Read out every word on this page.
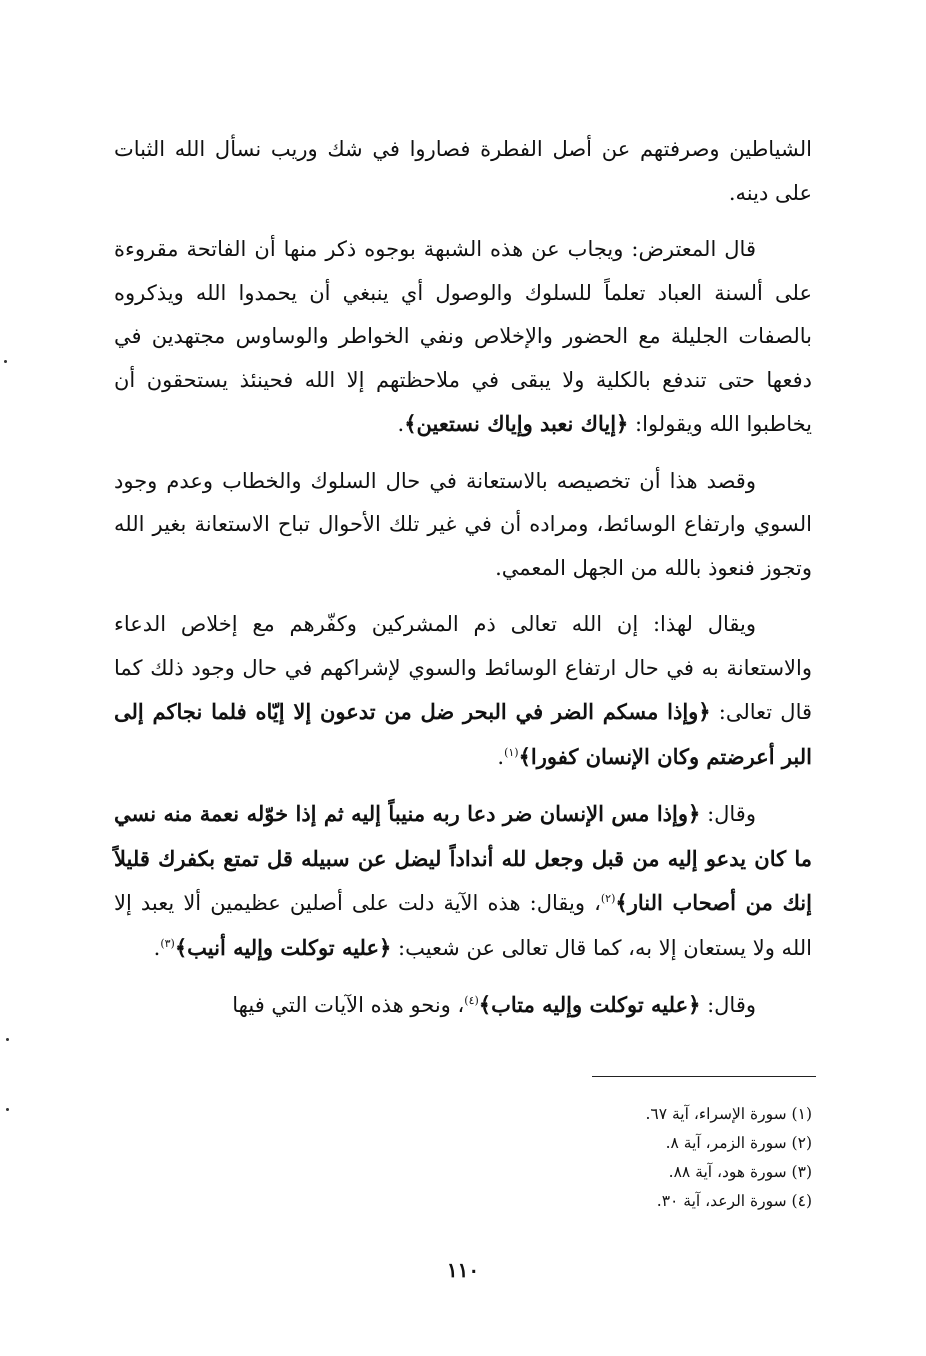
الشياطين وصرفتهم عن أصل الفطرة فصاروا في شك وريب نسأل الله الثبات على دينه.

قال المعترض: ويجاب عن هذه الشبهة بوجوه ذكر منها أن الفاتحة مقروءة على ألسنة العباد تعلماً للسلوك والوصول أي ينبغي أن يحمدوا الله ويذكروه بالصفات الجليلة مع الحضور والإخلاص ونفي الخواطر والوساوس مجتهدين في دفعها حتى تندفع بالكلية ولا يبقى في ملاحظتهم إلا الله فحينئذ يستحقون أن يخاطبوا الله ويقولوا: ﴿إياك نعبد وإياك نستعين﴾.

وقصد هذا أن تخصيصه بالاستعانة في حال السلوك والخطاب وعدم وجود السوي وارتفاع الوسائط، ومراده أن في غير تلك الأحوال تباح الاستعانة بغير الله وتجوز فنعوذ بالله من الجهل المعمي.

ويقال لهذا: إن الله تعالى ذم المشركين وكفّرهم مع إخلاص الدعاء والاستعانة به في حال ارتفاع الوسائط والسوي لإشراكهم في حال وجود ذلك كما قال تعالى: ﴿وإذا مسكم الضر في البحر ضل من تدعون إلا إيّاه فلما نجاكم إلى البر أعرضتم وكان الإنسان كفورا﴾$^{(١)}$.

وقال: ﴿وإذا مس الإنسان ضر دعا ربه منيباً إليه ثم إذا خوّله نعمة منه نسي ما كان يدعو إليه من قبل وجعل لله أنداداً ليضل عن سبيله قل تمتع بكفرك قليلاً إنك من أصحاب النار﴾$^{(٢)}$، ويقال: هذه الآية دلت على أصلين عظيمين ألا يعبد إلا الله ولا يستعان إلا به، كما قال تعالى عن شعيب: ﴿عليه توكلت وإليه أنيب﴾$^{(٣)}$.

وقال: ﴿عليه توكلت وإليه متاب﴾$^{(٤)}$، ونحو هذه الآيات التي فيها

(١) سورة الإسراء، آية ٦٧.
(٢) سورة الزمر، آية ٨.
(٣) سورة هود، آية ٨٨.
(٤) سورة الرعد، آية ٣٠.
١١٠
